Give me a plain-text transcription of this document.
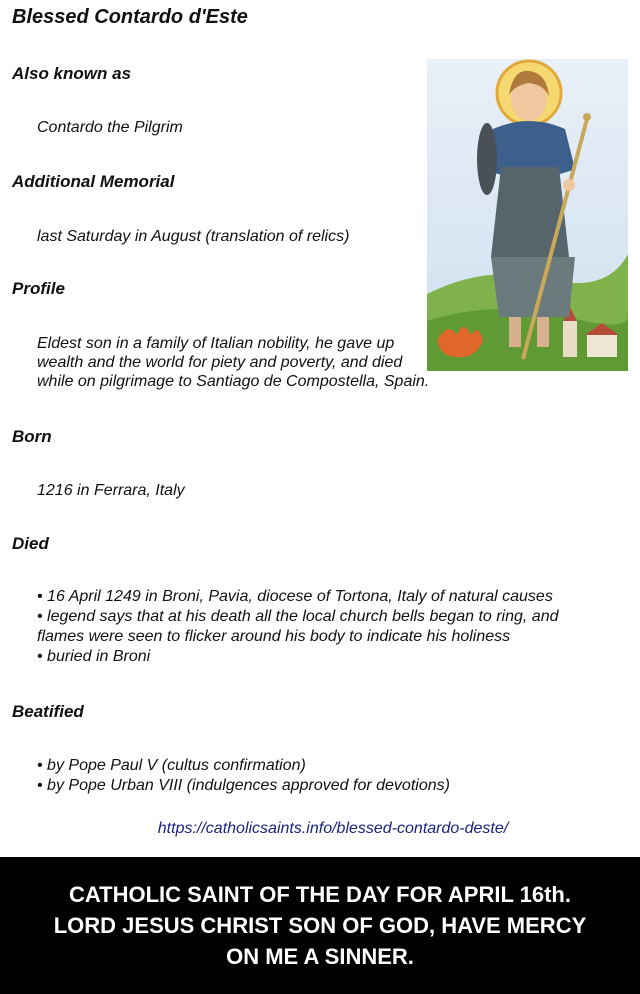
Blessed Contardo d'Este
Also known as
Contardo the Pilgrim
Additional Memorial
last Saturday in August (translation of relics)
Profile
Eldest son in a family of Italian nobility, he gave up
wealth and the world for piety and poverty, and died
while on pilgrimage to Santiago de Compostella, Spain.
Born
1216 in Ferrara, Italy
Died
• 16 April 1249 in Broni, Pavia, diocese of Tortona, Italy of natural causes
• legend says that at his death all the local church bells began to ring, and
flames were seen to flicker around his body to indicate his holiness
• buried in Broni
Beatified
• by Pope Paul V (cultus confirmation)
• by Pope Urban VIII (indulgences approved for devotions)
https://catholicsaints.info/blessed-contardo-deste/
CATHOLIC SAINT OF THE DAY FOR APRIL 16th.
LORD JESUS CHRIST SON OF GOD, HAVE MERCY
ON ME A SINNER.
